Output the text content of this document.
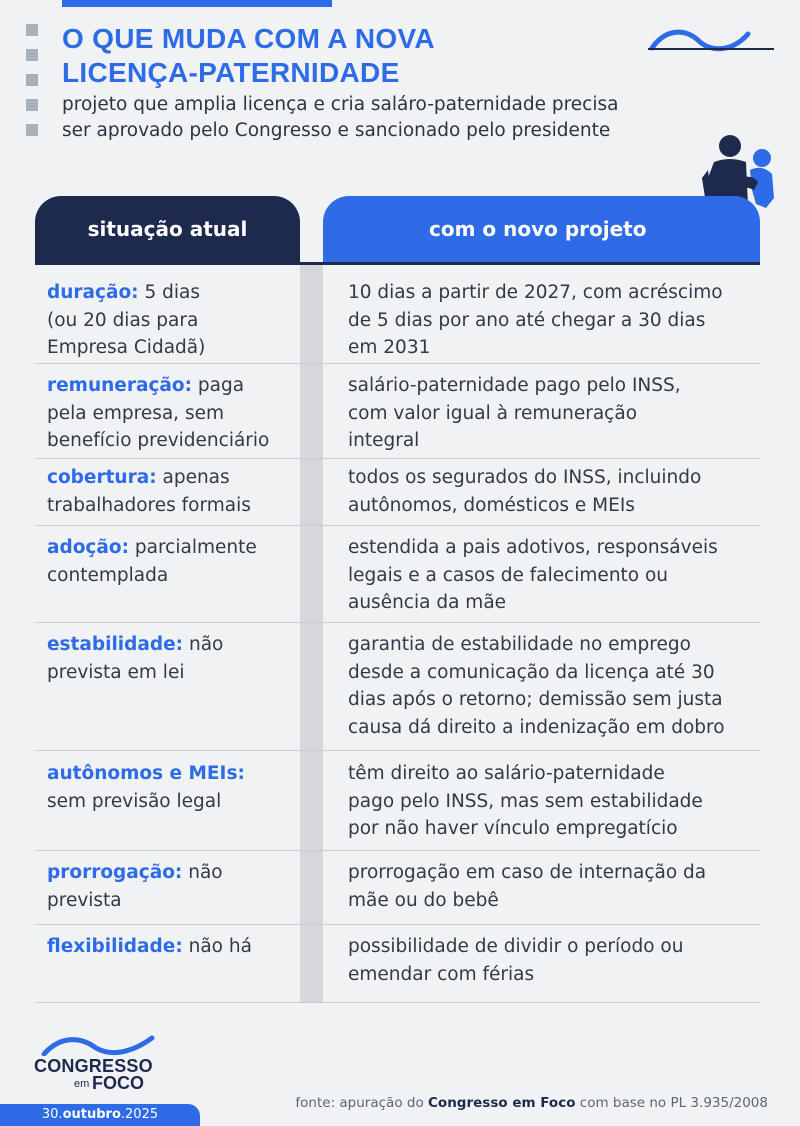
O QUE MUDA COM A NOVA
LICENÇA-PATERNIDADE

projeto que amplia licença e cria saláro-paternidade precisa
ser aprovado pelo Congresso e sancionado pelo presidente

situação atual	com o novo projeto
duração: 5 dias
(ou 20 dias para
Empresa Cidadã)
10 dias a partir de 2027, com acréscimo
de 5 dias por ano até chegar a 30 dias
em 2031
remuneração: paga
pela empresa, sem
benefício previdenciário
salário-paternidade pago pelo INSS,
com valor igual à remuneração
integral
cobertura: apenas
trabalhadores formais
todos os segurados do INSS, incluindo
autônomos, domésticos e MEIs
adoção: parcialmente
contemplada
estendida a pais adotivos, responsáveis
legais e a casos de falecimento ou
ausência da mãe
estabilidade: não
prevista em lei
garantia de estabilidade no emprego
desde a comunicação da licença até 30
dias após o retorno; demissão sem justa
causa dá direito a indenização em dobro
autônomos e MEIs:
sem previsão legal
têm direito ao salário-paternidade
pago pelo INSS, mas sem estabilidade
por não haver vínculo empregatício
prorrogação: não
prevista
prorrogação em caso de internação da
mãe ou do bebê
flexibilidade: não há	possibilidade de dividir o período ou
emendar com férias
CONGRESSO
em FOCO
30.outubro.2025
fonte: apuração do Congresso em Foco com base no PL 3.935/2008
